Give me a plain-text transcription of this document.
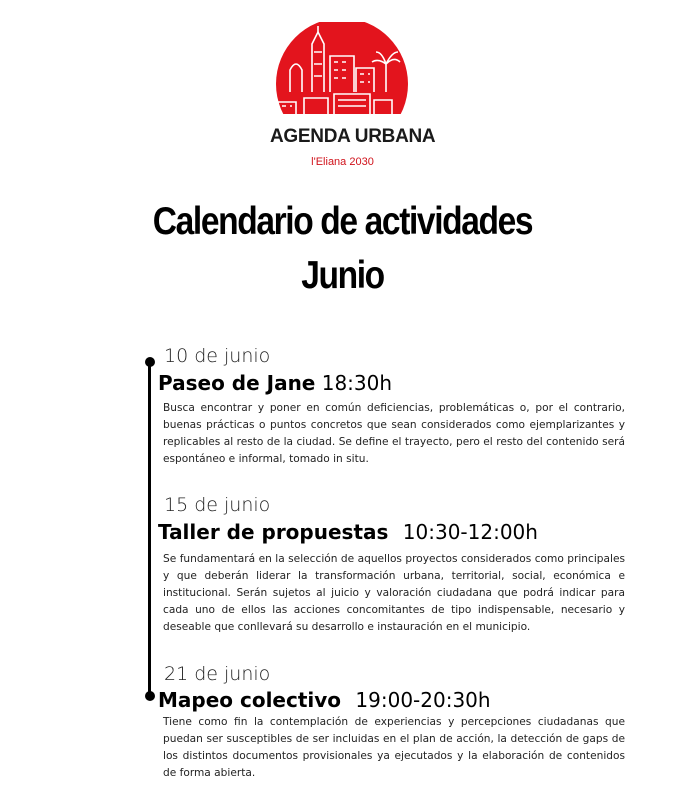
AGENDA URBANA
l'Eliana 2030
Calendario de actividades
Junio
10 de junio
Paseo de Jane 18:30h

Busca encontrar y poner en común deficiencias, problemáticas o, por el contrario, buenas prácticas o puntos concretos que sean considerados como ejemplarizantes y replicables al resto de la ciudad. Se define el trayecto, pero el resto del contenido será espontáneo e informal, tomado in situ.

15 de junio
Taller de propuestas 10:30-12:00h

Se fundamentará en la selección de aquellos proyectos considerados como principales y que deberán liderar la transformación urbana, territorial, social, económica e institucional. Serán sujetos al juicio y valoración ciudadana que podrá indicar para cada uno de ellos las acciones concomitantes de tipo indispensable, necesario y deseable que conllevará su desarrollo e instauración en el municipio.

21 de junio
Mapeo colectivo 19:00-20:30h

Tiene como fin la contemplación de experiencias y percepciones ciudadanas que puedan ser susceptibles de ser incluidas en el plan de acción, la detección de gaps de los distintos documentos provisionales ya ejecutados y la elaboración de contenidos de forma abierta.
